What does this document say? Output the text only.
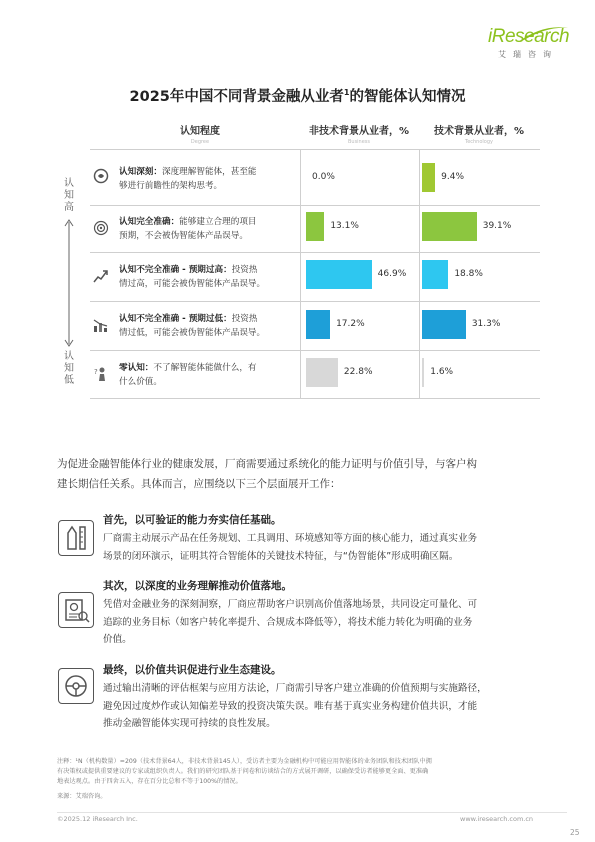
iResearch
艾瑞咨询
2025年中国不同背景金融从业者$^1$的智能体认知情况
认知程度
Degree
非技术背景从业者，%
Business
技术背景从业者，%
Technology
认
知
高
认
知
低
?
认知深刻：深度理解智能体，甚至能
够进行前瞻性的架构思考。
认知完全准确：能够建立合理的项目
预期，不会被伪智能体产品误导。
认知不完全准确 - 预期过高：投资热
情过高，可能会被伪智能体产品误导。
认知不完全准确 - 预期过低：投资热
情过低，可能会被伪智能体产品误导。
零认知：不了解智能体能做什么，有
什么价值。
0.0%
13.1%
46.9%
17.2%
22.8%
9.4%
39.1%
18.8%
31.3%
1.6%
为促进金融智能体行业的健康发展，厂商需要通过系统化的能力证明与价值引导，与客户构
建长期信任关系。具体而言，应围绕以下三个层面展开工作：
首先，以可验证的能力夯实信任基础。
厂商需主动展示产品在任务规划、工具调用、环境感知等方面的核心能力，通过真实业务
场景的闭环演示，证明其符合智能体的关键技术特征，与“伪智能体”形成明确区隔。
其次，以深度的业务理解推动价值落地。
凭借对金融业务的深刻洞察，厂商应帮助客户识别高价值落地场景，共同设定可量化、可
追踪的业务目标（如客户转化率提升、合规成本降低等），将技术能力转化为明确的业务
价值。
最终，以价值共识促进行业生态建设。
通过输出清晰的评估框架与应用方法论，厂商需引导客户建立准确的价值预期与实施路径，
避免因过度炒作或认知偏差导致的投资决策失误。唯有基于真实业务构建价值共识，才能
推动金融智能体实现可持续的良性发展。
注释：¹N（机构数量）=209（技术背景64人，非技术背景145人），受访者主要为金融机构中可能应用智能体的业务团队和技术团队中拥
有决策权或提供重要建议的专家或组织负责人。我们的研究团队基于问卷和访谈结合的方式展开调研，以确保受访者能够更全面、更准确
地表达观点。由于四舍五入，存在百分比总和不等于100%的情况。
来源：艾瑞咨询。
©2025.12 iResearch Inc.	www.iresearch.com.cn
25
